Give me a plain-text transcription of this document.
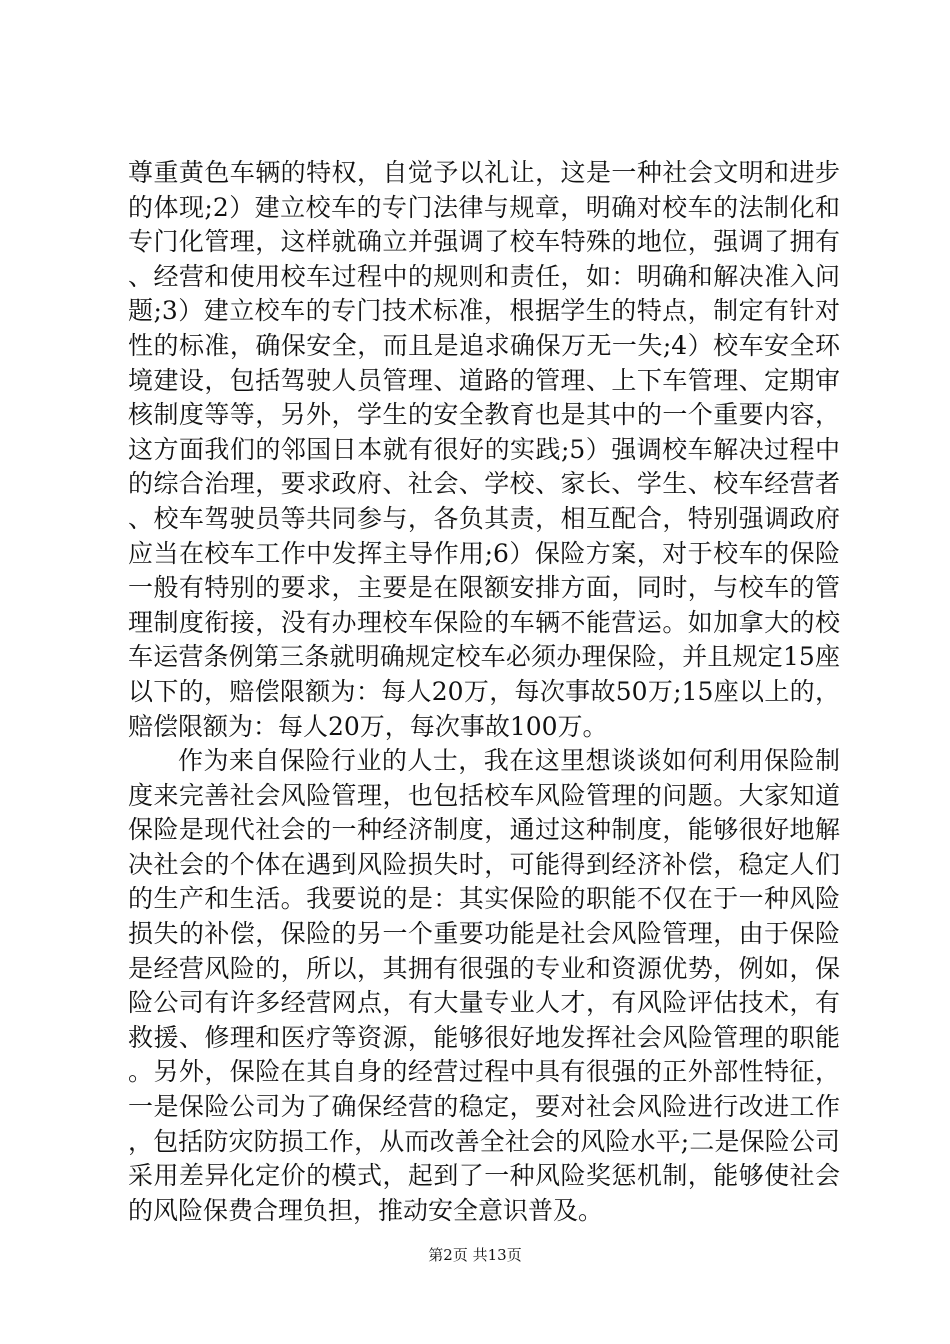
尊重黄色车辆的特权，自觉予以礼让，这是一种社会文明和进步的体现;2）建立校车的专门法律与规章，明确对校车的法制化和专门化管理，这样就确立并强调了校车特殊的地位，强调了拥有、经营和使用校车过程中的规则和责任，如：明确和解决准入问题;3）建立校车的专门技术标准，根据学生的特点，制定有针对性的标准，确保安全，而且是追求确保万无一失;4）校车安全环境建设，包括驾驶人员管理、道路的管理、上下车管理、定期审核制度等等，另外，学生的安全教育也是其中的一个重要内容，这方面我们的邻国日本就有很好的实践;5）强调校车解决过程中的综合治理，要求政府、社会、学校、家长、学生、校车经营者、校车驾驶员等共同参与，各负其责，相互配合，特别强调政府应当在校车工作中发挥主导作用;6）保险方案，对于校车的保险一般有特别的要求，主要是在限额安排方面，同时，与校车的管理制度衔接，没有办理校车保险的车辆不能营运。如加拿大的校车运营条例第三条就明确规定校车必须办理保险，并且规定15座以下的，赔偿限额为：每人20万，每次事故50万;15座以上的，赔偿限额为：每人20万，每次事故100万。

作为来自保险行业的人士，我在这里想谈谈如何利用保险制度来完善社会风险管理，也包括校车风险管理的问题。大家知道保险是现代社会的一种经济制度，通过这种制度，能够很好地解决社会的个体在遇到风险损失时，可能得到经济补偿，稳定人们的生产和生活。我要说的是：其实保险的职能不仅在于一种风险损失的补偿，保险的另一个重要功能是社会风险管理，由于保险是经营风险的，所以，其拥有很强的专业和资源优势，例如，保险公司有许多经营网点，有大量专业人才，有风险评估技术，有救援、修理和医疗等资源，能够很好地发挥社会风险管理的职能。另外，保险在其自身的经营过程中具有很强的正外部性特征，一是保险公司为了确保经营的稳定，要对社会风险进行改进工作，包括防灾防损工作，从而改善全社会的风险水平;二是保险公司采用差异化定价的模式，起到了一种风险奖惩机制，能够使社会的风险保费合理负担，推动安全意识普及。

第2页 共13页
